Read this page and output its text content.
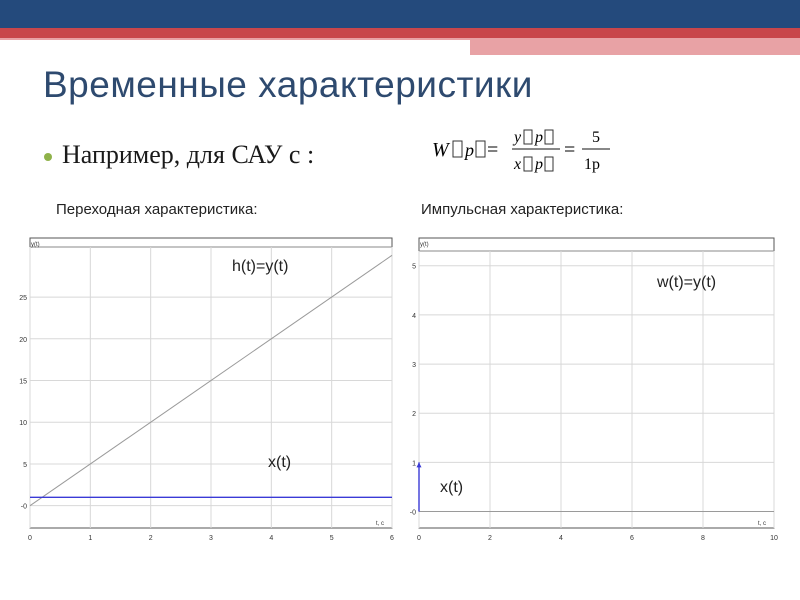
Временные характеристики
Например, для САУ с :	W p =
y p
x p
=
5
1p
Переходная характеристика:	Импульсная характеристика:
0	1	2	3	4	5	6
-0
5
10
15
20
25
y(t)
t, c
h(t)=y(t)
x(t)
0	2	4	6	8	10
-0
1
2
3
4
5
y(t)
t, c
w(t)=y(t)
x(t)
